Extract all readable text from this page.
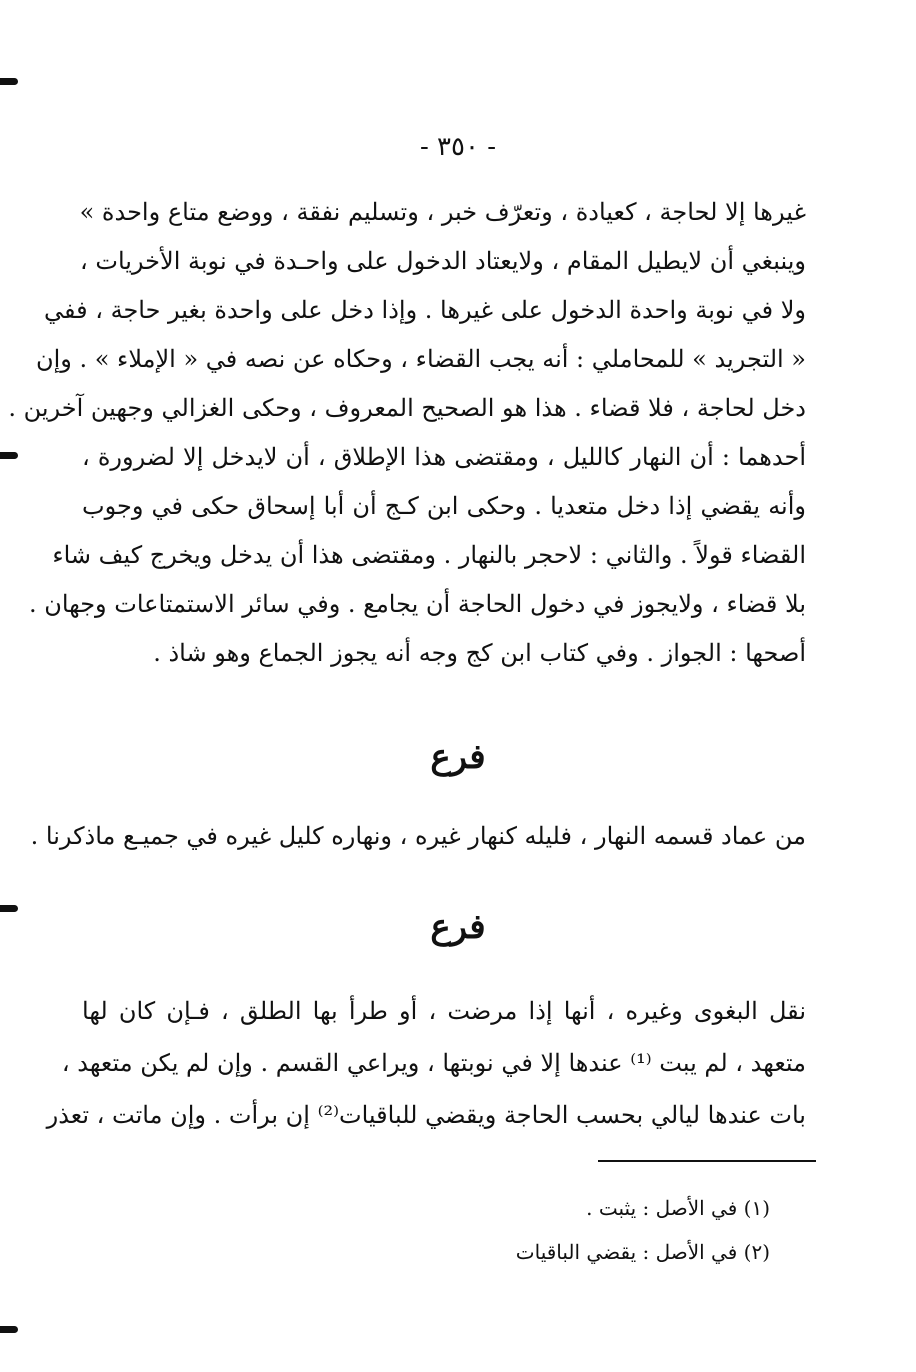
- ٣٥٠ -
غيرها إلا لحاجة ، كعيادة ، وتعرّف خبر ، وتسليم نفقة ، ووضع متاع واحدة »
وينبغي أن لايطيل المقام ، ولايعتاد الدخول على واحـدة في نوبة الأخريات ،
ولا في نوبة واحدة الدخول على غيرها . وإذا دخل على واحدة بغير حاجة ، ففي
« التجريد » للمحاملي : أنه يجب القضاء ، وحكاه عن نصه في « الإملاء » . وإن
دخل لحاجة ، فلا قضاء . هذا هو الصحيح المعروف ، وحكى الغزالي وجهين آخرين .
أحدهما : أن النهار كالليل ، ومقتضى هذا الإطلاق ، أن لايدخل إلا لضرورة ،
وأنه يقضي إذا دخل متعديا . وحكى ابن كـج أن أبا إسحاق حكى في وجوب
القضاء قولاً . والثاني : لاحجر بالنهار . ومقتضى هذا أن يدخل ويخرج كيف شاء
بلا قضاء ، ولايجوز في دخول الحاجة أن يجامع . وفي سائر الاستمتاعات وجهان .
أصحها : الجواز . وفي كتاب ابن كج وجه أنه يجوز الجماع وهو شاذ .
فرع
من عماد قسمه النهار ، فليله كنهار غيره ، ونهاره كليل غيره في جميـع ماذكرنا .
فرع
نقل البغوى وغيره ، أنها إذا مرضت ، أو طرأ بها الطلق ، فـإن كان لها
متعهد ، لم يبت ⁽¹⁾ عندها إلا في نوبتها ، ويراعي القسم . وإن لم يكن متعهد ،
بات عندها ليالي بحسب الحاجة ويقضي للباقيات⁽²⁾ إن برأت . وإن ماتت ، تعذر
(١) في الأصل : يثبت .
(٢) في الأصل : يقضي الباقيات
